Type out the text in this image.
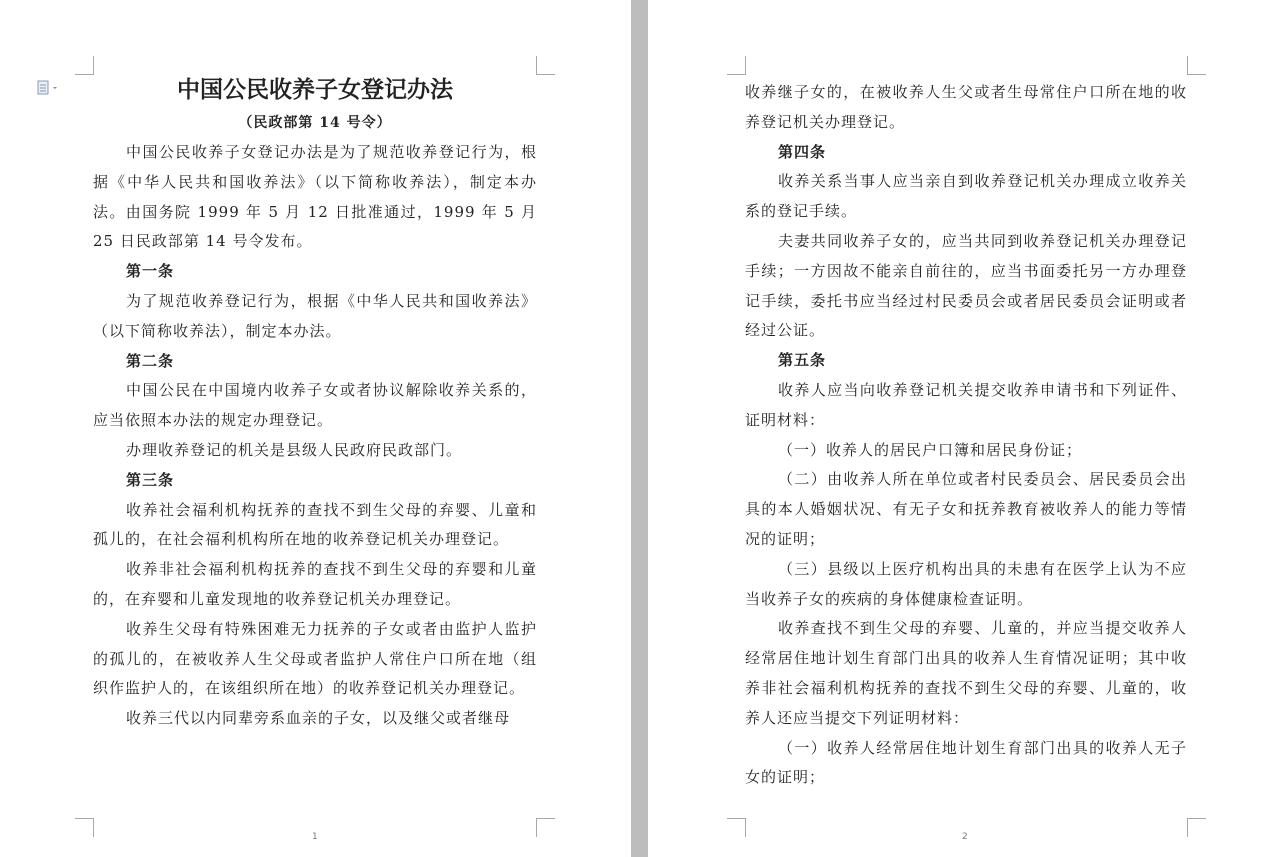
中国公民收养子女登记办法
（民政部第 14 号令）

中国公民收养子女登记办法是为了规范收养登记行为，根据《中华人民共和国收养法》（以下简称收养法），制定本办法。由国务院 1999 年 5 月 12 日批准通过，1999 年 5 月 25 日民政部第 14 号令发布。

第一条

为了规范收养登记行为，根据《中华人民共和国收养法》（以下简称收养法），制定本办法。

第二条

中国公民在中国境内收养子女或者协议解除收养关系的，应当依照本办法的规定办理登记。

办理收养登记的机关是县级人民政府民政部门。

第三条

收养社会福利机构抚养的查找不到生父母的弃婴、儿童和孤儿的，在社会福利机构所在地的收养登记机关办理登记。

收养非社会福利机构抚养的查找不到生父母的弃婴和儿童的，在弃婴和儿童发现地的收养登记机关办理登记。

收养生父母有特殊困难无力抚养的子女或者由监护人监护的孤儿的，在被收养人生父母或者监护人常住户口所在地（组织作监护人的，在该组织所在地）的收养登记机关办理登记。

收养三代以内同辈旁系血亲的子女，以及继父或者继母

1

收养继子女的，在被收养人生父或者生母常住户口所在地的收养登记机关办理登记。

第四条

收养关系当事人应当亲自到收养登记机关办理成立收养关系的登记手续。

夫妻共同收养子女的，应当共同到收养登记机关办理登记手续；一方因故不能亲自前往的，应当书面委托另一方办理登记手续，委托书应当经过村民委员会或者居民委员会证明或者经过公证。

第五条

收养人应当向收养登记机关提交收养申请书和下列证件、证明材料：

（一）收养人的居民户口簿和居民身份证；

（二）由收养人所在单位或者村民委员会、居民委员会出具的本人婚姻状况、有无子女和抚养教育被收养人的能力等情况的证明；

（三）县级以上医疗机构出具的未患有在医学上认为不应当收养子女的疾病的身体健康检查证明。

收养查找不到生父母的弃婴、儿童的，并应当提交收养人经常居住地计划生育部门出具的收养人生育情况证明；其中收养非社会福利机构抚养的查找不到生父母的弃婴、儿童的，收养人还应当提交下列证明材料：

（一）收养人经常居住地计划生育部门出具的收养人无子女的证明；

2
